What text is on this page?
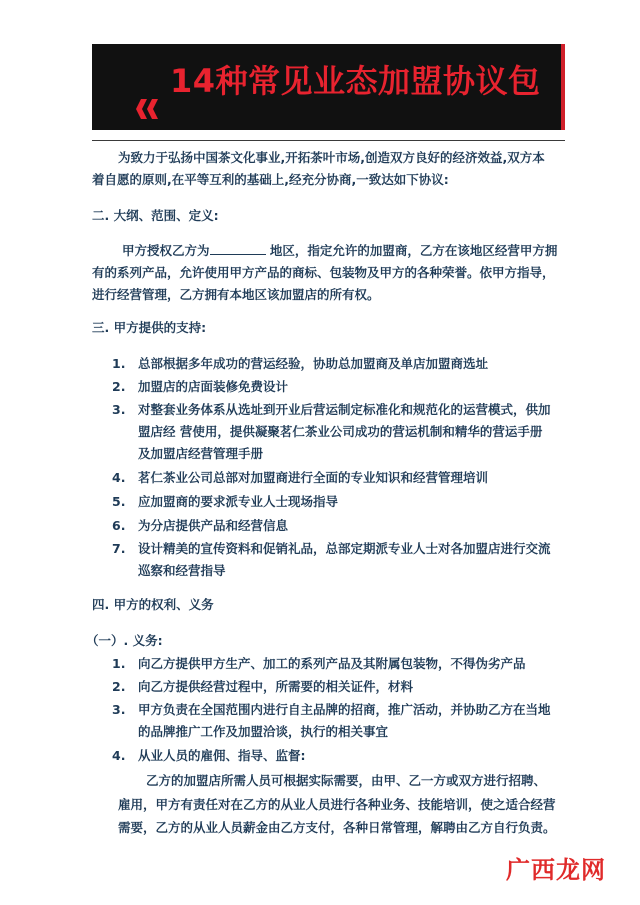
14种常见业态加盟协议包
为致力于弘扬中国茶文化事业,开拓茶叶市场,创造双方良好的经济效益,双方本
着自愿的原则,在平等互利的基础上,经充分协商,一致达如下协议:
二. 大纲、范围、定义:
甲方授权乙方为	地区，指定允许的加盟商，乙方在该地区经营甲方拥
有的系列产品，允许使用甲方产品的商标、包装物及甲方的各种荣誉。依甲方指导，
进行经营管理，乙方拥有本地区该加盟店的所有权。
三. 甲方提供的支持:
1. 总部根据多年成功的营运经验，协助总加盟商及单店加盟商选址
2. 加盟店的店面装修免费设计
3. 对整套业务体系从选址到开业后营运制定标准化和规范化的运营模式，供加
盟店经 营使用，提供凝聚茗仁茶业公司成功的营运机制和精华的营运手册
及加盟店经营管理手册
4. 茗仁茶业公司总部对加盟商进行全面的专业知识和经营管理培训
5. 应加盟商的要求派专业人士现场指导
6. 为分店提供产品和经营信息
7. 设计精美的宣传资料和促销礼品，总部定期派专业人士对各加盟店进行交流
巡察和经营指导
四. 甲方的权利、义务
（一）. 义务:
1. 向乙方提供甲方生产、加工的系列产品及其附属包装物，不得伪劣产品
2. 向乙方提供经营过程中，所需要的相关证件，材料
3. 甲方负责在全国范围内进行自主品牌的招商，推广活动，并协助乙方在当地
的品牌推广工作及加盟洽谈，执行的相关事宜
4. 从业人员的雇佣、指导、监督:
乙方的加盟店所需人员可根据实际需要，由甲、乙一方或双方进行招聘、
雇用，甲方有责任对在乙方的从业人员进行各种业务、技能培训，使之适合经营
需要，乙方的从业人员薪金由乙方支付，各种日常管理，解聘由乙方自行负责。
广西龙网
